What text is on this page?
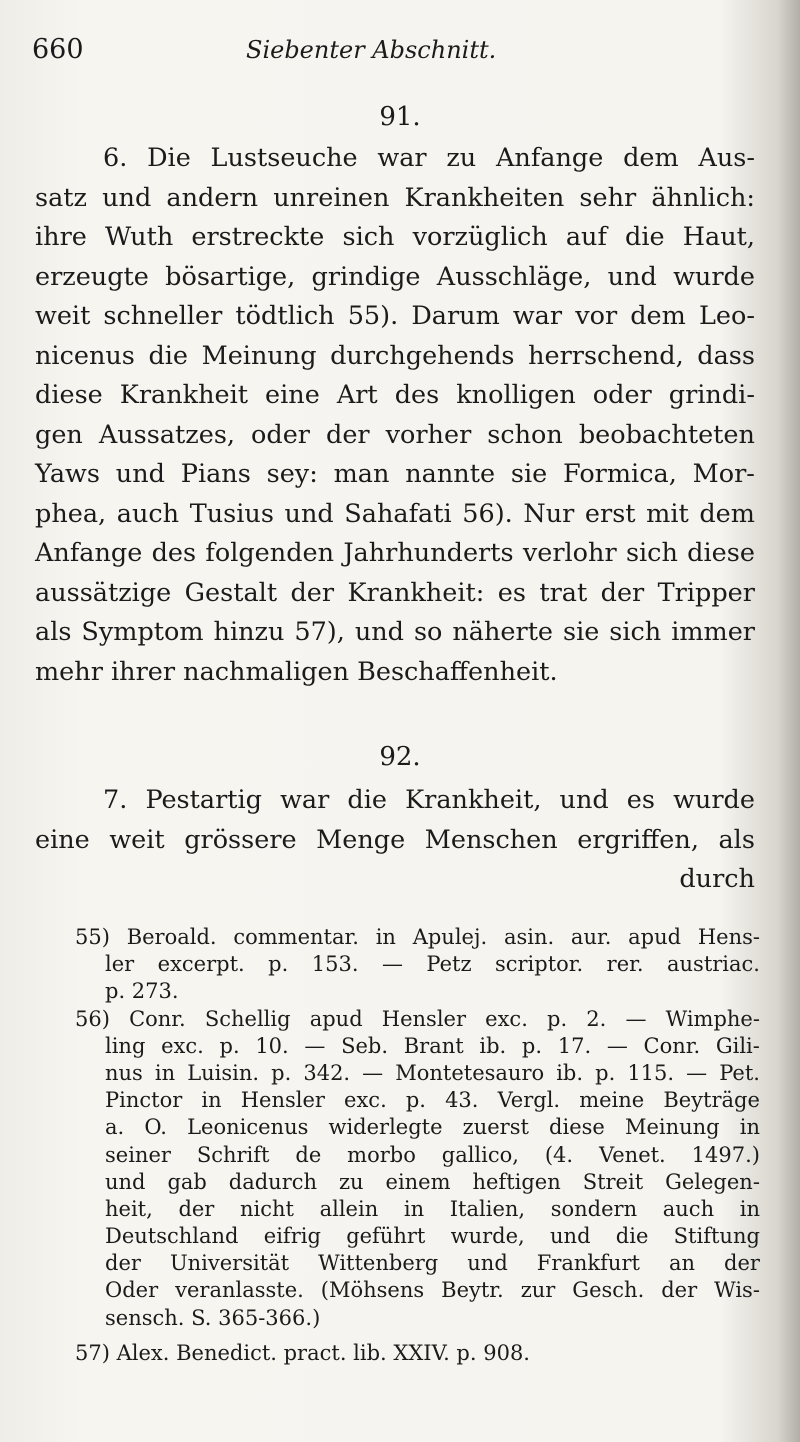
660	Siebenter Abschnitt.
91.
6. Die Lustseuche war zu Anfange dem Aus-
satz und andern unreinen Krankheiten sehr ähnlich:
ihre Wuth erstreckte sich vorzüglich auf die Haut,
erzeugte bösartige, grindige Ausschläge, und wurde
weit schneller tödtlich 55). Darum war vor dem Leo-
nicenus die Meinung durchgehends herrschend, dass
diese Krankheit eine Art des knolligen oder grindi-
gen Aussatzes, oder der vorher schon beobachteten
Yaws und Pians sey: man nannte sie Formica, Mor-
phea, auch Tusius und Sahafati 56). Nur erst mit dem
Anfange des folgenden Jahrhunderts verlohr sich diese
aussätzige Gestalt der Krankheit: es trat der Tripper
als Symptom hinzu 57), und so näherte sie sich immer
mehr ihrer nachmaligen Beschaffenheit.
92.
7. Pestartig war die Krankheit, und es wurde
eine weit grössere Menge Menschen ergriffen, als
durch
55) Beroald. commentar. in Apulej. asin. aur. apud Hens-
ler excerpt. p. 153. — Petz scriptor. rer. austriac.
p. 273.
56) Conr. Schellig apud Hensler exc. p. 2. — Wimphe-
ling exc. p. 10. — Seb. Brant ib. p. 17. — Conr. Gili-
nus in Luisin. p. 342. — Montetesauro ib. p. 115. — Pet.
Pinctor in Hensler exc. p. 43. Vergl. meine Beyträge
a. O. Leonicenus widerlegte zuerst diese Meinung in
seiner Schrift de morbo gallico, (4. Venet. 1497.)
und gab dadurch zu einem heftigen Streit Gelegen-
heit, der nicht allein in Italien, sondern auch in
Deutschland eifrig geführt wurde, und die Stiftung
der Universität Wittenberg und Frankfurt an der
Oder veranlasste. (Möhsens Beytr. zur Gesch. der Wis-
sensch. S. 365-366.)
57) Alex. Benedict. pract. lib. XXIV. p. 908.
